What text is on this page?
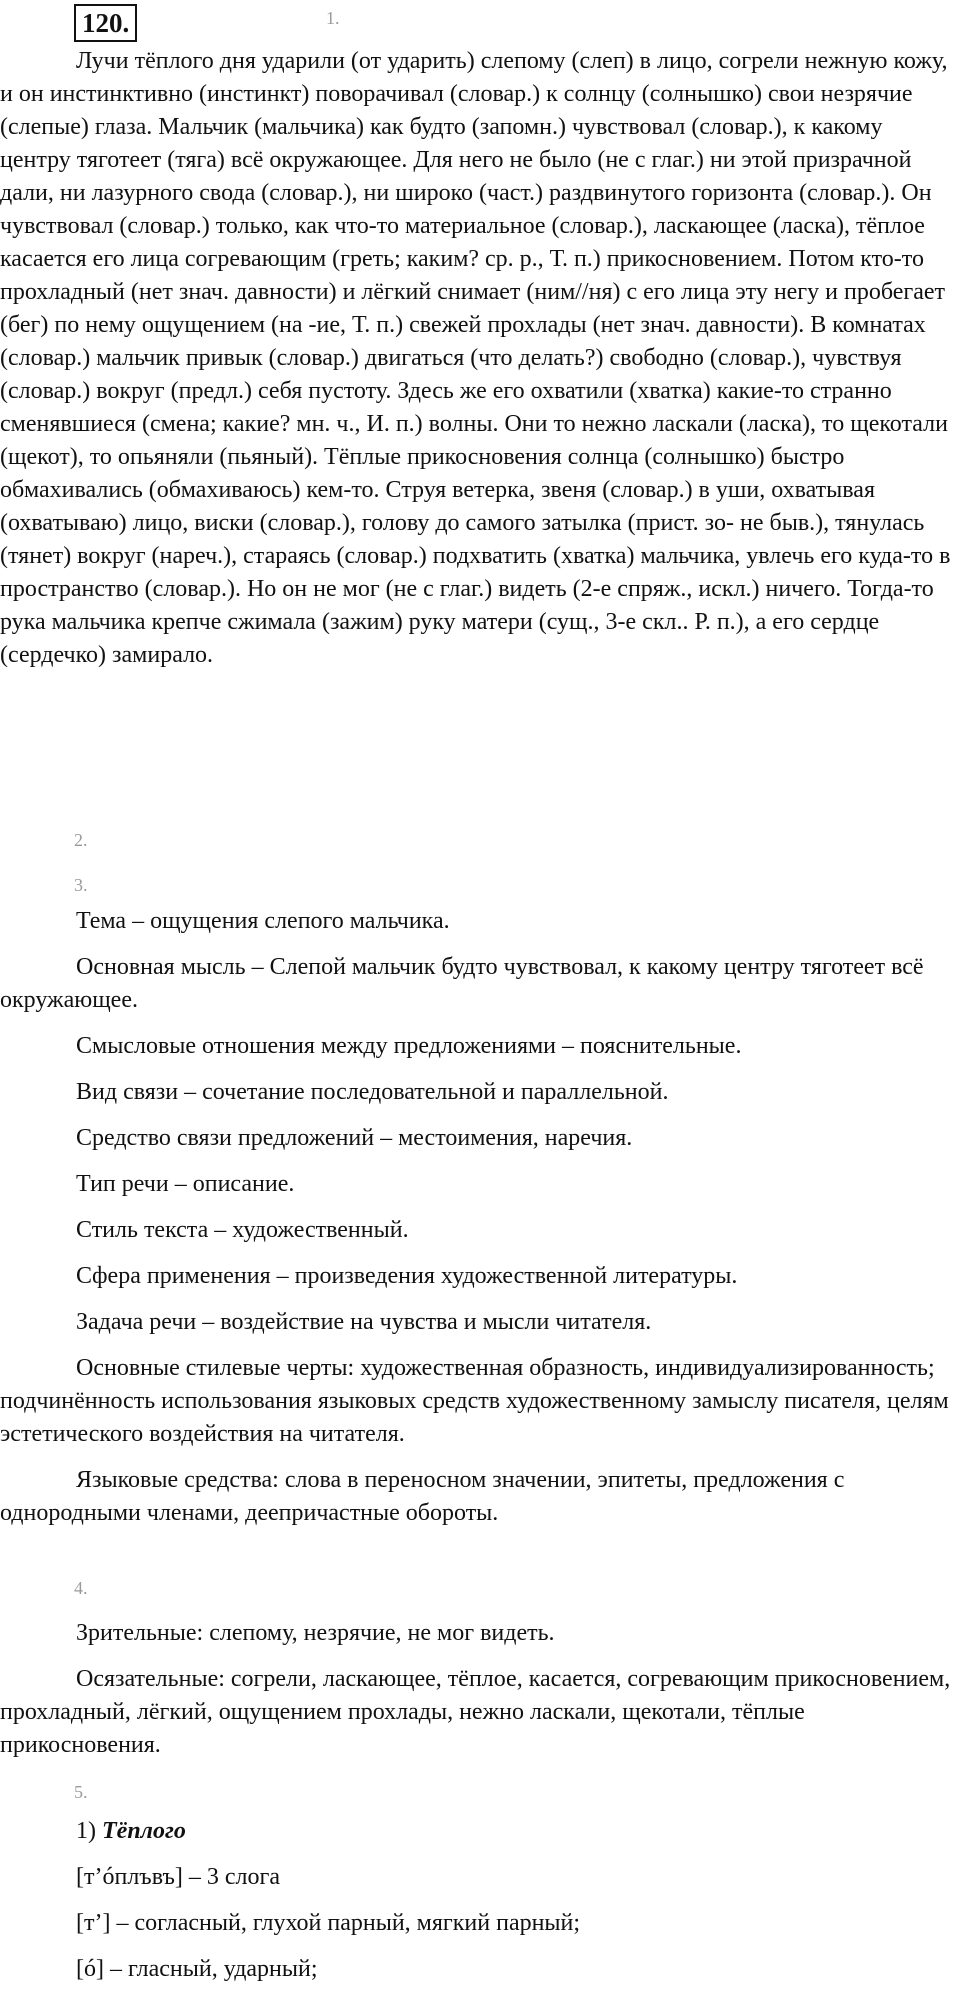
120.	1.

Лучи тёплого дня ударили (от ударить) слепому (слеп) в лицо, согрели нежную кожу, и он инстинктивно (инстинкт) поворачивал (словар.) к солнцу (солнышко) свои незрячие (слепые) глаза. Мальчик (мальчика) как будто (запомн.) чувствовал (словар.), к какому центру тяготеет (тяга) всё окружающее. Для него не было (не с глаг.) ни этой призрачной дали, ни лазурного свода (словар.), ни широко (част.) раздвинутого горизонта (словар.). Он чувствовал (словар.) только, как что-то материальное (словар.), ласкающее (ласка), тёплое касается его лица согревающим (греть; каким? ср. р., Т. п.) прикосновением. Потом кто-то прохладный (нет знач. давности) и лёгкий снимает (ним//ня) с его лица эту негу и пробегает (бег) по нему ощущением (на -ие, Т. п.) свежей прохлады (нет знач. давности). В комнатах (словар.) мальчик привык (словар.) двигаться (что делать?) свободно (словар.), чувствуя (словар.) вокруг (предл.) себя пустоту. Здесь же его охватили (хватка) какие-то странно сменявшиеся (смена; какие? мн. ч., И. п.) волны. Они то нежно ласкали (ласка), то щекотали (щекот), то опьяняли (пьяный). Тёплые прикосновения солнца (солнышко) быстро обмахивались (обмахиваюсь) кем-то. Струя ветерка, звеня (словар.) в уши, охватывая (охватываю) лицо, виски (словар.), голову до самого затылка (прист. зо- не быв.), тянулась (тянет) вокруг (нареч.), стараясь (словар.) подхватить (хватка) мальчика, увлечь его куда-то в пространство (словар.). Но он не мог (не с глаг.) видеть (2-е спряж., искл.) ничего. Тогда-то рука мальчика крепче сжимала (зажим) руку матери (сущ., 3-е скл.. Р. п.), а его сердце (сердечко) замирало.

2.
3.

Тема – ощущения слепого мальчика.

Основная мысль – Слепой мальчик будто чувствовал, к какому центру тяготеет всё окружающее.

Смысловые отношения между предложениями – пояснительные.

Вид связи – сочетание последовательной и параллельной.

Средство связи предложений – местоимения, наречия.

Тип речи – описание.

Стиль текста – художественный.

Сфера применения – произведения художественной литературы.

Задача речи – воздействие на чувства и мысли читателя.

Основные стилевые черты: художественная образность, индивидуализированность; подчинённость использования языковых средств художественному замыслу писателя, целям эстетического воздействия на читателя.

Языковые средства: слова в переносном значении, эпитеты, предложения с однородными членами, деепричастные обороты.

4.

Зрительные: слепому, незрячие, не мог видеть.

Осязательные: согрели, ласкающее, тёплое, касается, согревающим прикосновением, прохладный, лёгкий, ощущением прохлады, нежно ласкали, щекотали, тёплые прикосновения.

5.

1) Тёплого

[т’óплъвъ] – 3 слога

[т’] – согласный, глухой парный, мягкий парный;

[ó] – гласный, ударный;
